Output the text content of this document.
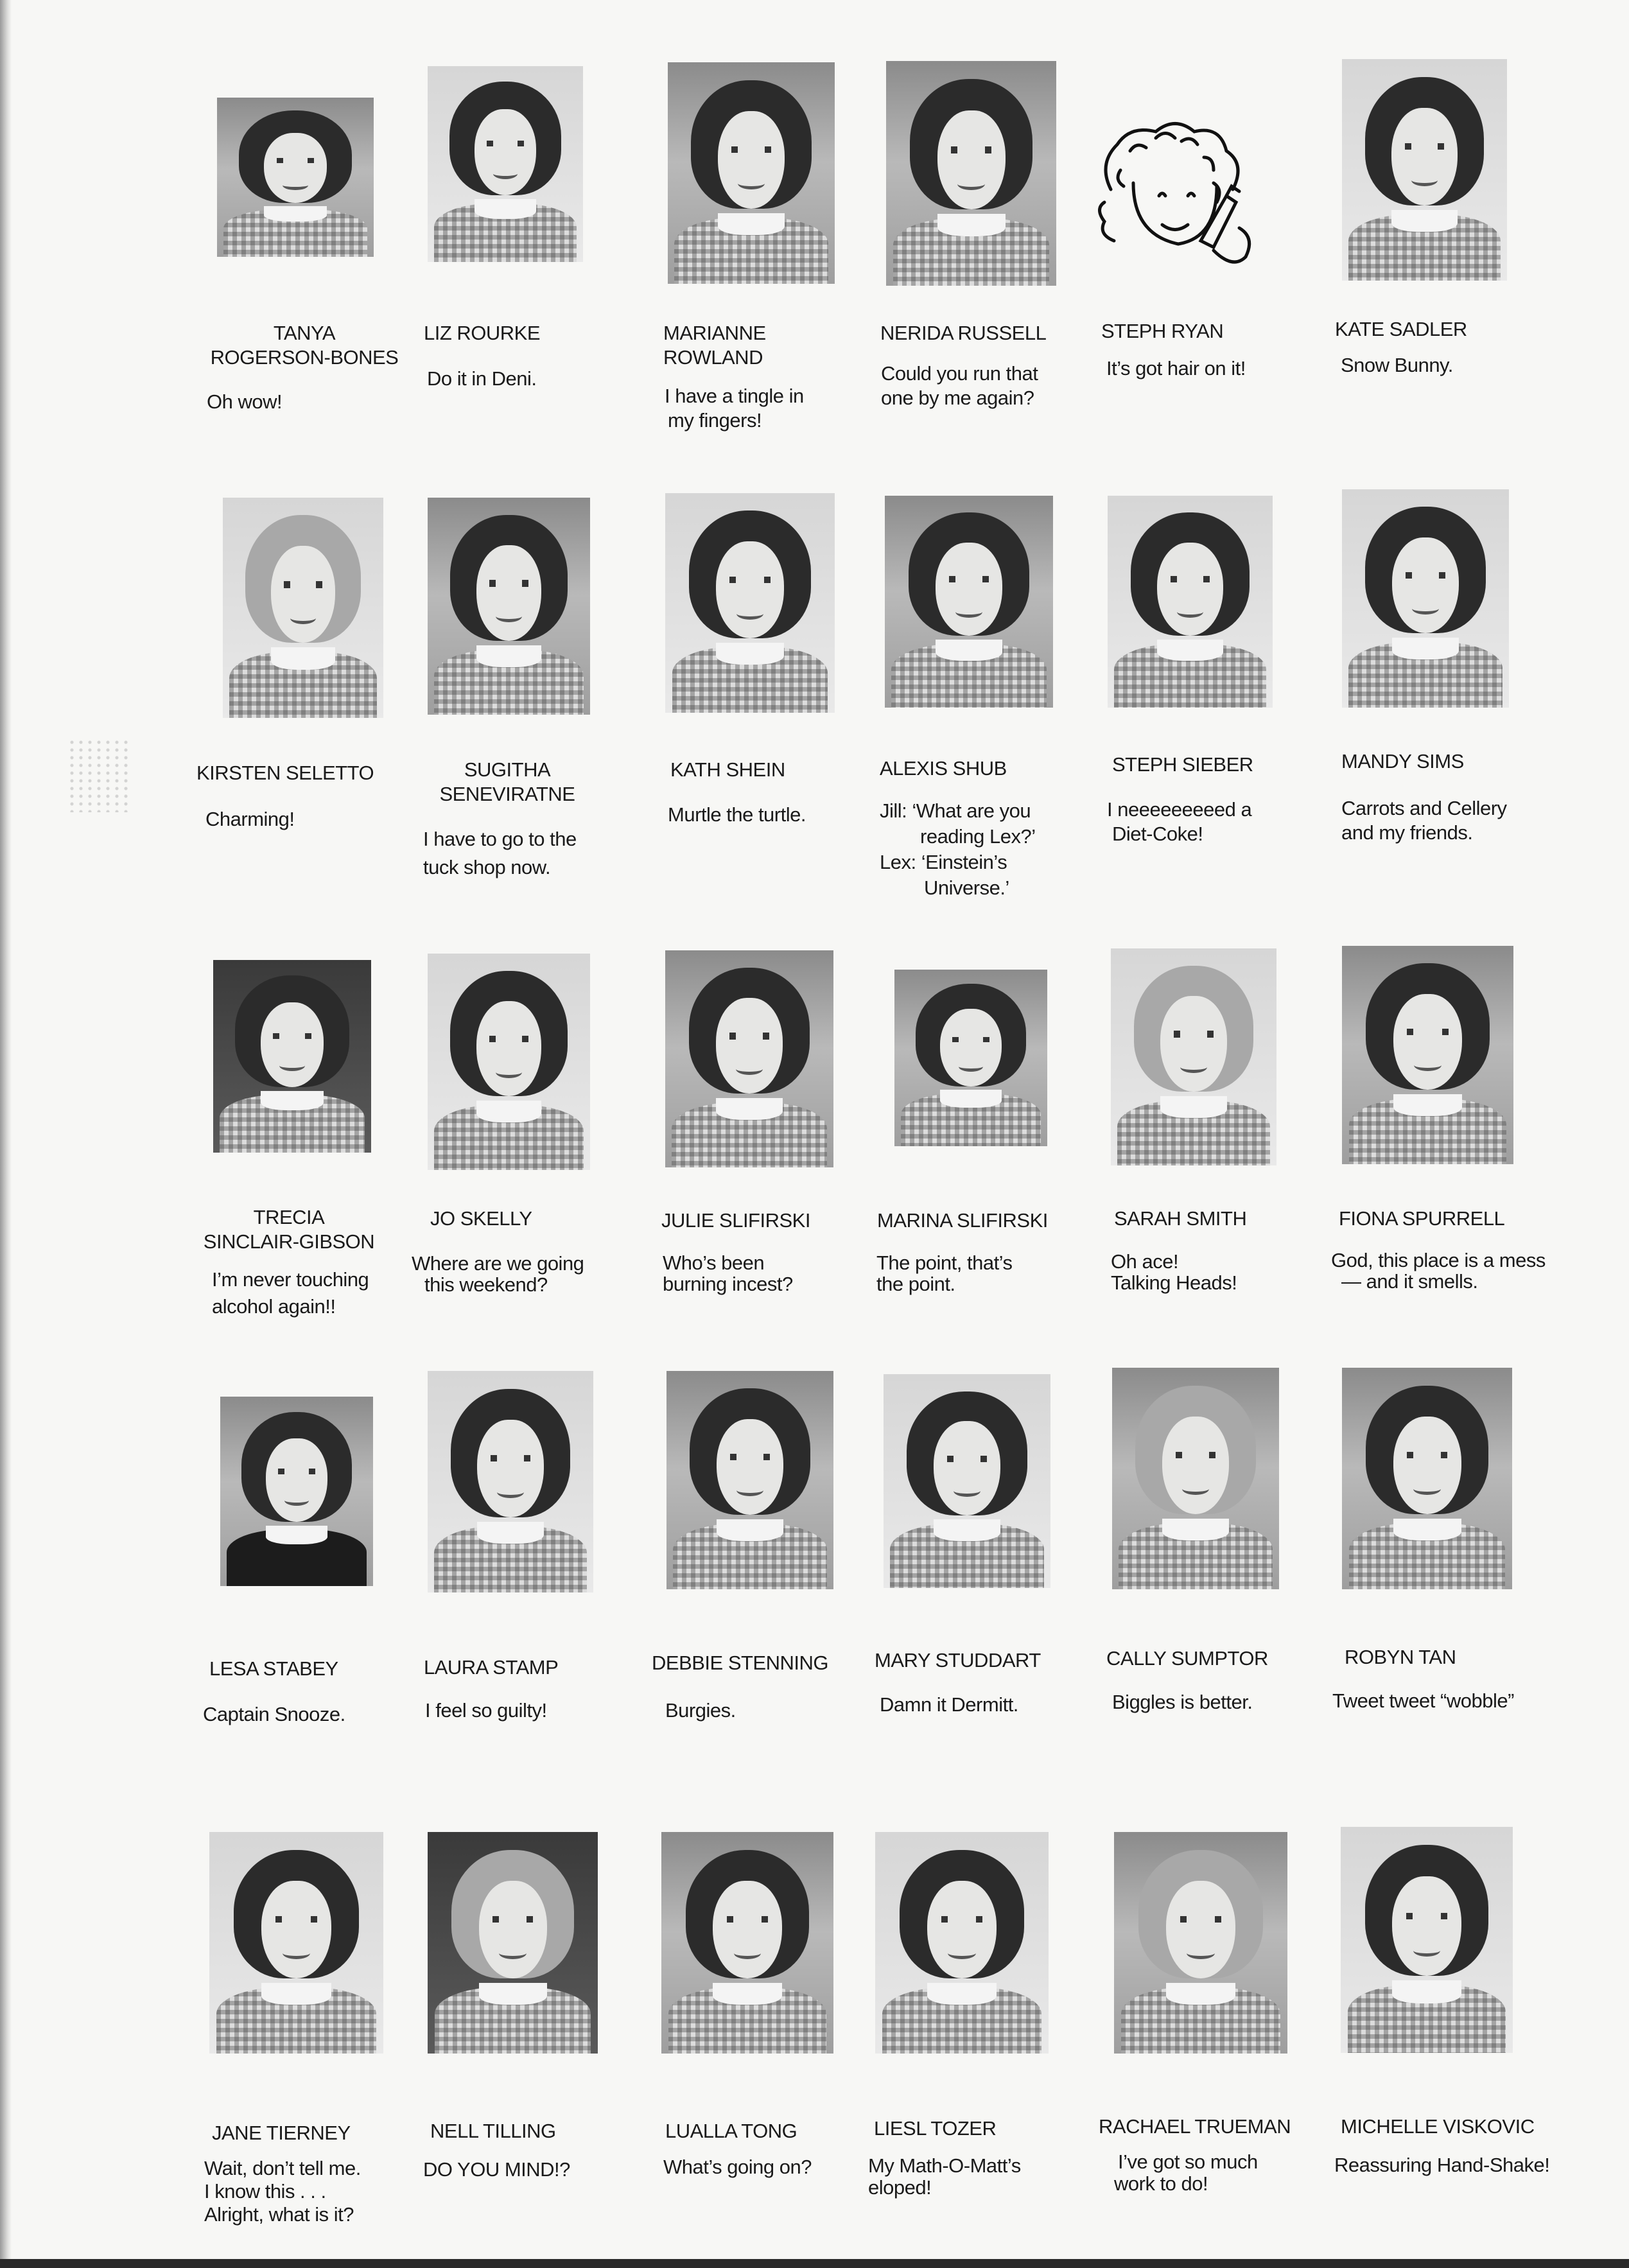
TANYA
ROGERSON-BONES
Oh wow!
LIZ ROURKE
Do it in Deni.
MARIANNE
ROWLAND
I have a tingle in
my fingers!
NERIDA RUSSELL
Could you run that
one by me again?
STEPH RYAN
It’s got hair on it!
KATE SADLER
Snow Bunny.
KIRSTEN SELETTO
Charming!
SUGITHA
SENEVIRATNE
I have to go to the
tuck shop now.
KATH SHEIN
Murtle the turtle.
ALEXIS SHUB
Jill: ‘What are you
reading Lex?’
Lex: ‘Einstein’s
Universe.’
STEPH SIEBER
I neeeeeeeeed a
Diet-Coke!
MANDY SIMS
Carrots and Cellery
and my friends.
TRECIA
SINCLAIR-GIBSON
I’m never touching
alcohol again!!
JO SKELLY
Where are we going
this weekend?
JULIE SLIFIRSKI
Who’s been
burning incest?
MARINA SLIFIRSKI
The point, that’s
the point.
SARAH SMITH
Oh ace!
Talking Heads!
FIONA SPURRELL
God, this place is a mess
— and it smells.
LESA STABEY
Captain Snooze.
LAURA STAMP
I feel so guilty!
DEBBIE STENNING
Burgies.
MARY STUDDART
Damn it Dermitt.
CALLY SUMPTOR
Biggles is better.
ROBYN TAN
Tweet tweet “wobble”
JANE TIERNEY
Wait, don’t tell me.
I know this . . .
Alright, what is it?
NELL TILLING
DO YOU MIND!?
LUALLA TONG
What’s going on?
LIESL TOZER
My Math-O-Matt’s
eloped!
RACHAEL TRUEMAN
I’ve got so much
work to do!
MICHELLE VISKOVIC
Reassuring Hand-Shake!
